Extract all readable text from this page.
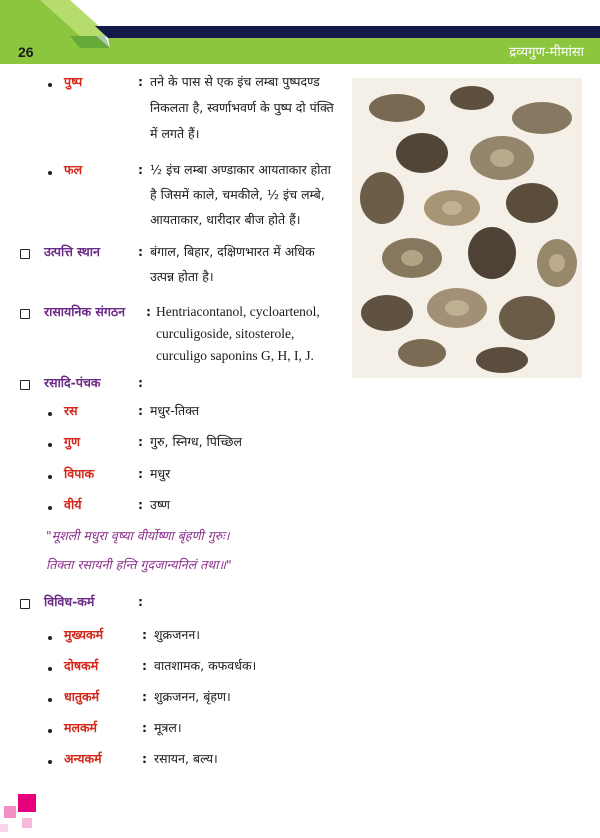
26	द्रव्यगुण-मीमांसा
पुष्प	: तने के पास से एक इंच लम्बा पुष्पदण्ड
निकलता है, स्वर्णाभवर्ण के पुष्प दो पंक्ति
में लगते हैं।
फल	: ½ इंच लम्बा अण्डाकार आयताकार होता
है जिसमें काले, चमकीले, ½ इंच लम्बे,
आयताकार, धारीदार बीज होते हैं।
उत्पत्ति स्थान	: बंगाल, बिहार, दक्षिणभारत में अधिक
उत्पन्न होता है।
रासायनिक संगठन : Hentriacontanol, cycloartenol,
curculigoside, sitosterole,
curculigo saponins G, H, I, J.
रसादि-पंचक	:
रस	: मधुर-तिक्त
गुण	: गुरु, स्निग्ध, पिच्छिल
विपाक	: मधुर
वीर्य	: उष्ण
"मूशली मधुरा वृष्या वीर्योष्णा बृंहणी गुरुः।
तिक्ता रसायनी हन्ति गुदजान्यनिलं तथा॥"
विविध-कर्म	:
मुख्यकर्म	: शुक्रजनन।
दोषकर्म	: वातशामक, कफवर्धक।
धातुकर्म	: शुक्रजनन, बृंहण।
मलकर्म	: मूत्रल।
अन्यकर्म	: रसायन, बल्य।
